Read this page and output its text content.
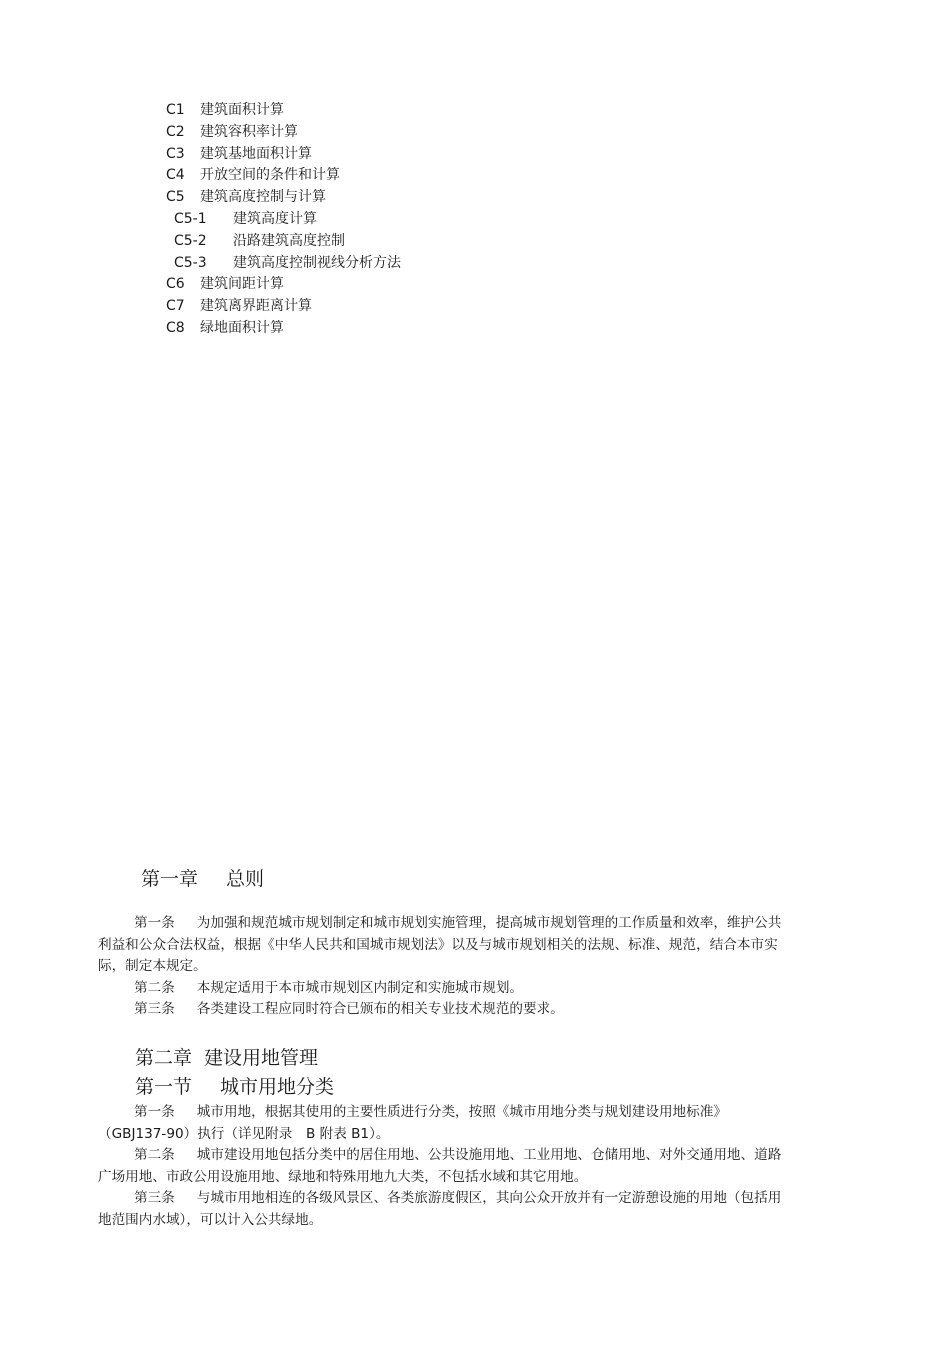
C1 建筑面积计算
C2 建筑容积率计算
C3 建筑基地面积计算
C4 开放空间的条件和计算
C5 建筑高度控制与计算
C5-1 建筑高度计算
C5-2 沿路建筑高度控制
C5-3 建筑高度控制视线分析方法
C6 建筑间距计算
C7 建筑离界距离计算
C8 绿地面积计算
第一章 总则

第一条 为加强和规范城市规划制定和城市规划实施管理，提高城市规划管理的工作质量和效率，维护公共利益和公众合法权益，根据《中华人民共和国城市规划法》以及与城市规划相关的法规、标准、规范，结合本市实际，制定本规定。

第二条 本规定适用于本市城市规划区内制定和实施城市规划。

第三条 各类建设工程应同时符合已颁布的相关专业技术规范的要求。

第二章 建设用地管理
第一节 城市用地分类

第一条 城市用地，根据其使用的主要性质进行分类，按照《城市用地分类与规划建设用地标准》（GBJ137-90）执行（详见附录　B 附表 B1）。

第二条 城市建设用地包括分类中的居住用地、公共设施用地、工业用地、仓储用地、对外交通用地、道路广场用地、市政公用设施用地、绿地和特殊用地九大类，不包括水域和其它用地。

第三条 与城市用地相连的各级风景区、各类旅游度假区，其向公众开放并有一定游憩设施的用地（包括用地范围内水域），可以计入公共绿地。
